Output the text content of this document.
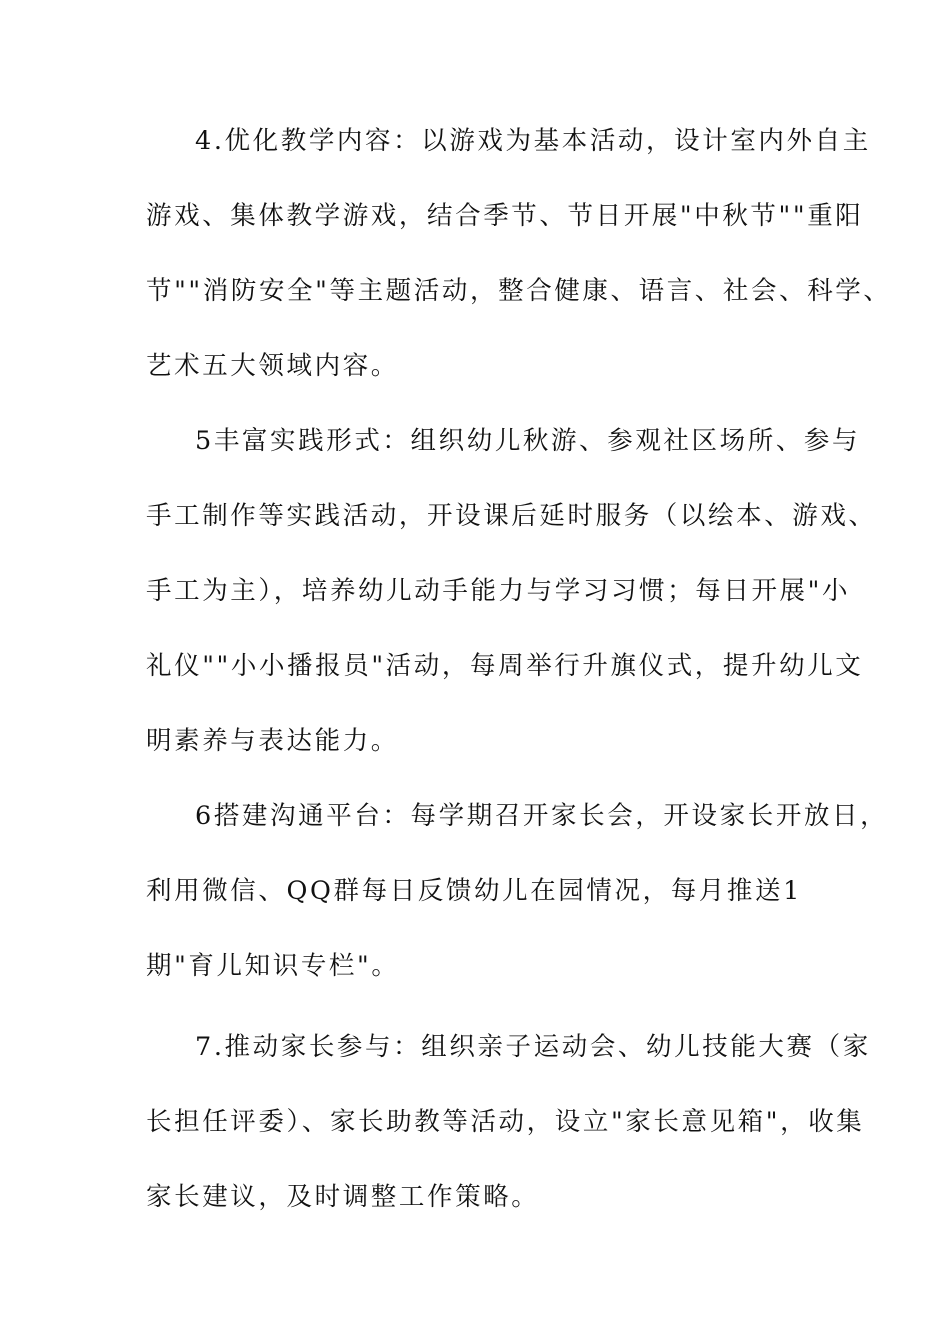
4.优化教学内容：以游戏为基本活动，设计室内外自主
游戏、集体教学游戏，结合季节、节日开展"中秋节""重阳
节""消防安全"等主题活动，整合健康、语言、社会、科学、
艺术五大领域内容。
5丰富实践形式：组织幼儿秋游、参观社区场所、参与
手工制作等实践活动，开设课后延时服务（以绘本、游戏、
手工为主），培养幼儿动手能力与学习习惯；每日开展"小
礼仪""小小播报员"活动，每周举行升旗仪式，提升幼儿文
明素养与表达能力。
6搭建沟通平台：每学期召开家长会，开设家长开放日，
利用微信、QQ群每日反馈幼儿在园情况，每月推送1
期"育儿知识专栏"。
7.推动家长参与：组织亲子运动会、幼儿技能大赛（家
长担任评委）、家长助教等活动，设立"家长意见箱"，收集
家长建议，及时调整工作策略。
